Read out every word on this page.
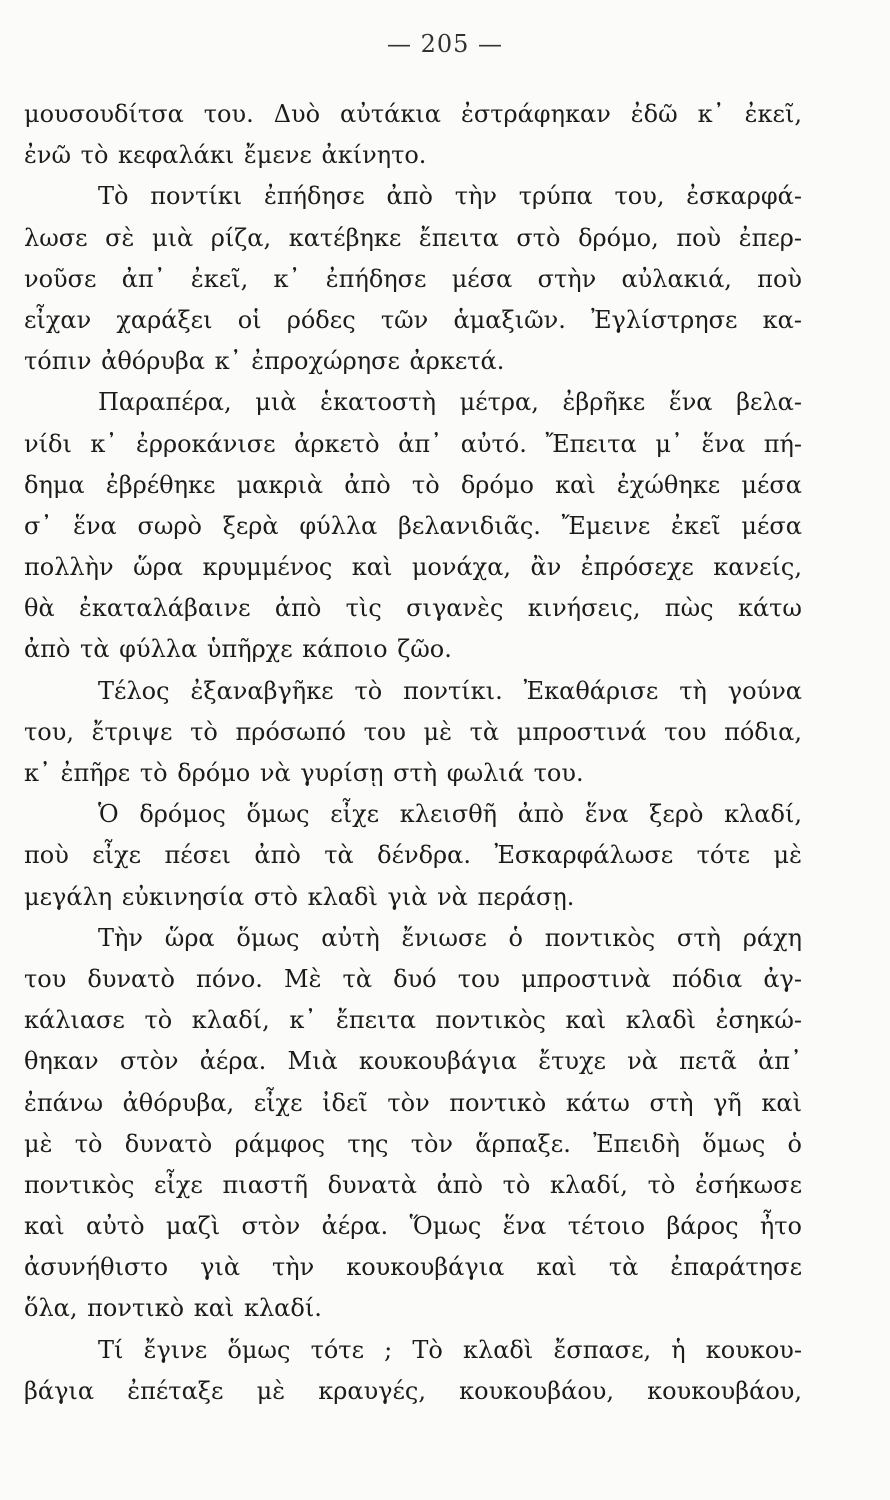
— 205 —
μουσουδίτσα του. Δυὸ αὐτάκια ἐστράφηκαν ἐδῶ κ᾽ ἐκεῖ,
ἐνῶ τὸ κεφαλάκι ἔμενε ἀκίνητο.
Τὸ ποντίκι ἐπήδησε ἀπὸ τὴν τρύπα του, ἐσκαρφά-
λωσε σὲ μιὰ ρίζα, κατέβηκε ἔπειτα στὸ δρόμο, ποὺ ἐπερ-
νοῦσε ἀπ᾽ ἐκεῖ, κ᾽ ἐπήδησε μέσα στὴν αὐλακιά, ποὺ
εἶχαν χαράξει οἱ ρόδες τῶν ἁμαξιῶν. Ἐγλίστρησε κα-
τόπιν ἀθόρυβα κ᾽ ἐπροχώρησε ἀρκετά.
Παραπέρα, μιὰ ἑκατοστὴ μέτρα, ἐβρῆκε ἕνα βελα-
νίδι κ᾽ ἐρροκάνισε ἀρκετὸ ἀπ᾽ αὐτό. Ἔπειτα μ᾽ ἕνα πή-
δημα ἐβρέθηκε μακριὰ ἀπὸ τὸ δρόμο καὶ ἐχώθηκε μέσα
σ᾽ ἕνα σωρὸ ξερὰ φύλλα βελανιδιᾶς. Ἔμεινε ἐκεῖ μέσα
πολλὴν ὥρα κρυμμένος καὶ μονάχα, ἂν ἐπρόσεχε κανείς,
θὰ ἐκαταλάβαινε ἀπὸ τὶς σιγανὲς κινήσεις, πὼς κάτω
ἀπὸ τὰ φύλλα ὑπῆρχε κάποιο ζῶο.
Τέλος ἐξαναβγῆκε τὸ ποντίκι. Ἐκαθάρισε τὴ γούνα
του, ἔτριψε τὸ πρόσωπό του μὲ τὰ μπροστινά του πόδια,
κ᾽ ἐπῆρε τὸ δρόμο νὰ γυρίσῃ στὴ φωλιά του.
Ὁ δρόμος ὅμως εἶχε κλεισθῆ ἀπὸ ἕνα ξερὸ κλαδί,
ποὺ εἶχε πέσει ἀπὸ τὰ δένδρα. Ἐσκαρφάλωσε τότε μὲ
μεγάλη εὐκινησία στὸ κλαδὶ γιὰ νὰ περάσῃ.
Τὴν ὥρα ὅμως αὐτὴ ἔνιωσε ὁ ποντικὸς στὴ ράχη
του δυνατὸ πόνο. Μὲ τὰ δυό του μπροστινὰ πόδια ἀγ-
κάλιασε τὸ κλαδί, κ᾽ ἔπειτα ποντικὸς καὶ κλαδὶ ἐσηκώ-
θηκαν στὸν ἀέρα. Μιὰ κουκουβάγια ἔτυχε νὰ πετᾶ ἀπ᾽
ἐπάνω ἀθόρυβα, εἶχε ἰδεῖ τὸν ποντικὸ κάτω στὴ γῆ καὶ
μὲ τὸ δυνατὸ ράμφος της τὸν ἅρπαξε. Ἐπειδὴ ὅμως ὁ
ποντικὸς εἶχε πιαστῆ δυνατὰ ἀπὸ τὸ κλαδί, τὸ ἐσήκωσε
καὶ αὐτὸ μαζὶ στὸν ἀέρα. Ὅμως ἕνα τέτοιο βάρος ἦτο
ἀσυνήθιστο γιὰ τὴν κουκουβάγια καὶ τὰ ἐπαράτησε
ὅλα, ποντικὸ καὶ κλαδί.
Τί ἔγινε ὅμως τότε ; Τὸ κλαδὶ ἔσπασε, ἡ κουκου-
βάγια ἐπέταξε μὲ κραυγές, κουκουβάου, κουκουβάου,
